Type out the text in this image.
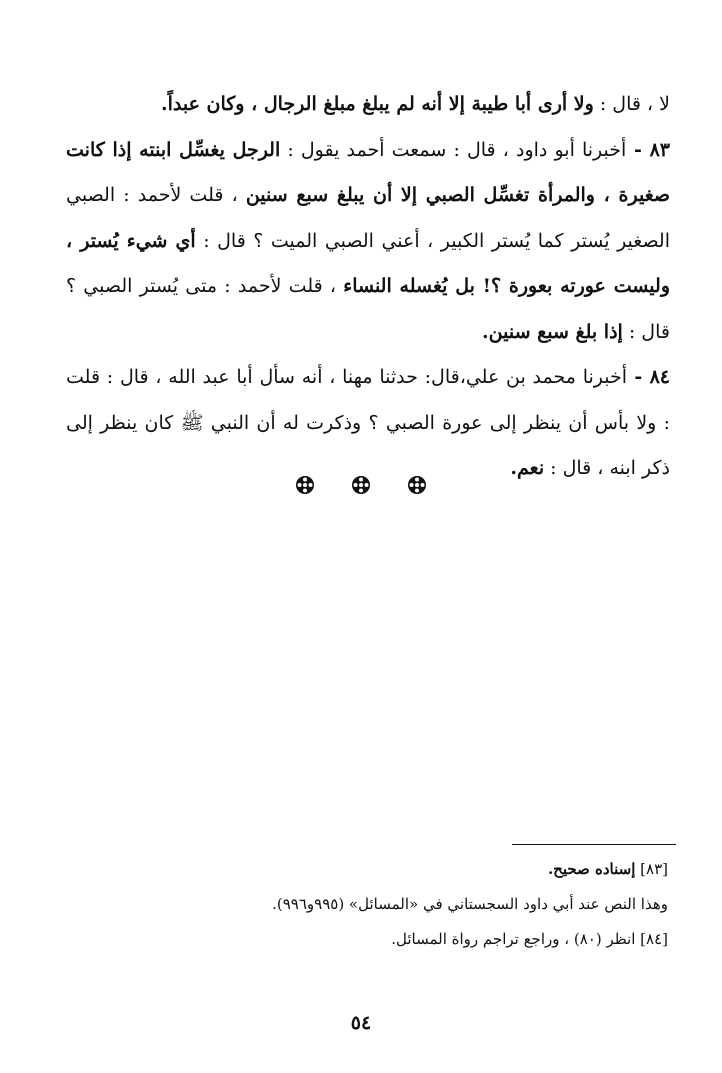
لا ، قال : ولا أرى أبا طيبة إلا أنه لم يبلغ مبلغ الرجال ، وكان عبداً.

٨٣ - أخبرنا أبو داود ، قال : سمعت أحمد يقول : الرجل يغسِّل ابنته إذا كانت صغيرة ، والمرأة تغسِّل الصبي إلا أن يبلغ سبع سنين ، قلت لأحمد : الصبي الصغير يُستر كما يُستر الكبير ، أعني الصبي الميت ؟ قال : أي شيء يُستر ، وليست عورته بعورة ؟! بل يُغسله النساء ، قلت لأحمد : متى يُستر الصبي ؟ قال : إذا بلغ سبع سنين.

٨٤ - أخبرنا محمد بن علي،قال: حدثنا مهنا ، أنه سأل أبا عبد الله ، قال : قلت : ولا بأس أن ينظر إلى عورة الصبي ؟ وذكرت له أن النبي ﷺ كان ينظر إلى ذكر ابنه ، قال : نعم.

[٨٣] إسناده صحيح.

وهذا النص عند أبي داود السجستاني في «المسائل» (٩٩٥و٩٩٦).

[٨٤] انظر (٨٠) ، وراجع تراجم رواة المسائل.

٥٤
